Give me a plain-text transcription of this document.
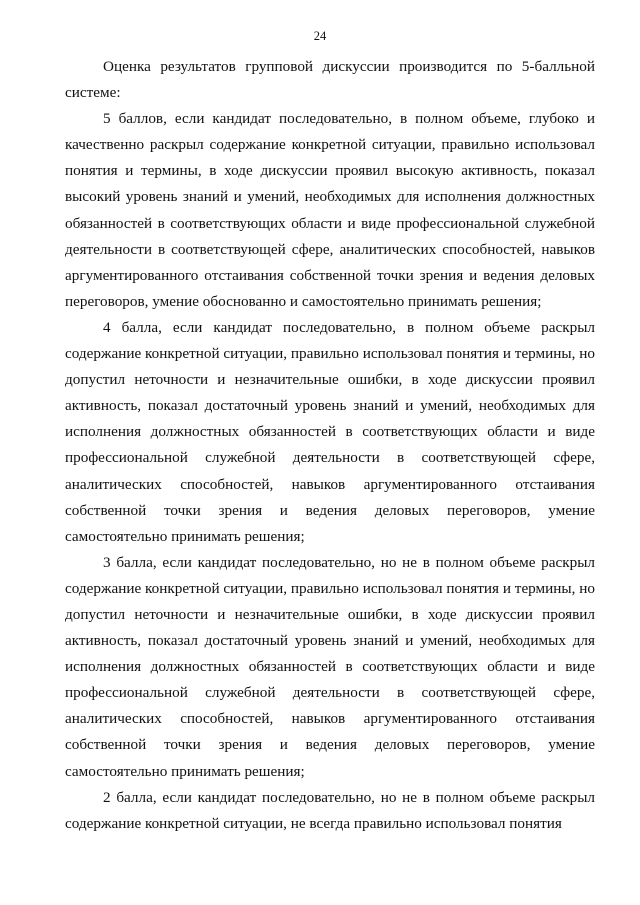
24

Оценка результатов групповой дискуссии производится по 5-балльной системе:

5 баллов, если кандидат последовательно, в полном объеме, глубоко и качественно раскрыл содержание конкретной ситуации, правильно использовал понятия и термины, в ходе дискуссии проявил высокую активность, показал высокий уровень знаний и умений, необходимых для исполнения должностных обязанностей в соответствующих области и виде профессиональной служебной деятельности в соответствующей сфере, аналитических способностей, навыков аргументированного отстаивания собственной точки зрения и ведения деловых переговоров, умение обоснованно и самостоятельно принимать решения;

4 балла, если кандидат последовательно, в полном объеме раскрыл содержание конкретной ситуации, правильно использовал понятия и термины, но допустил неточности и незначительные ошибки, в ходе дискуссии проявил активность, показал достаточный уровень знаний и умений, необходимых для исполнения должностных обязанностей в соответствующих области и виде профессиональной служебной деятельности в соответствующей сфере, аналитических способностей, навыков аргументированного отстаивания собственной точки зрения и ведения деловых переговоров, умение самостоятельно принимать решения;

3 балла, если кандидат последовательно, но не в полном объеме раскрыл содержание конкретной ситуации, правильно использовал понятия и термины, но допустил неточности и незначительные ошибки, в ходе дискуссии проявил активность, показал достаточный уровень знаний и умений, необходимых для исполнения должностных обязанностей в соответствующих области и виде профессиональной служебной деятельности в соответствующей сфере, аналитических способностей, навыков аргументированного отстаивания собственной точки зрения и ведения деловых переговоров, умение самостоятельно принимать решения;

2 балла, если кандидат последовательно, но не в полном объеме раскрыл содержание конкретной ситуации, не всегда правильно использовал понятия
